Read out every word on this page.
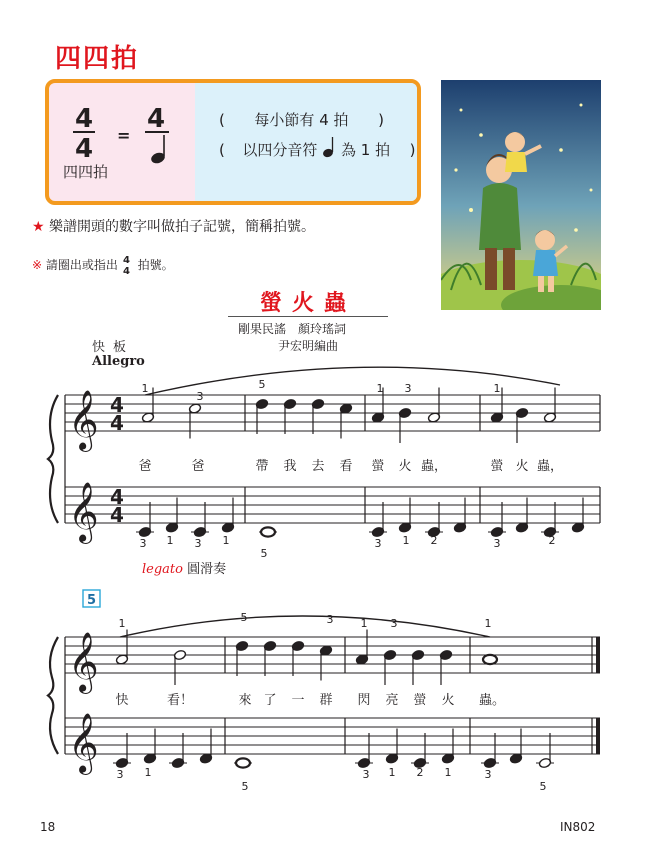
四四拍
( 每小節有 4 拍 )
( 以四分音符 為 1 拍 )
4
4 =
4
四四拍
★ 樂譜開頭的數字叫做拍子記號，簡稱拍號。
※ 請圈出或指出 4
4 拍號。
螢火蟲
剛果民謠　顏玲瑤詞
尹宏明編曲
快板
Allegro
𝄞
𝄞
4
4
4
4
1
3
5	1 3	1
3 1 3 1
5
3 1 2	3	2
爸	爸	帶 我 去 看 螢 火 蟲，	螢 火 蟲，
5
𝄞
𝄞
1	5	3 1 3	1
3 1
5
3 1 2 1	3
5
快	看！	來 了 一 群 閃 亮 螢 火 蟲。
legato 圓滑奏
18	IN802
